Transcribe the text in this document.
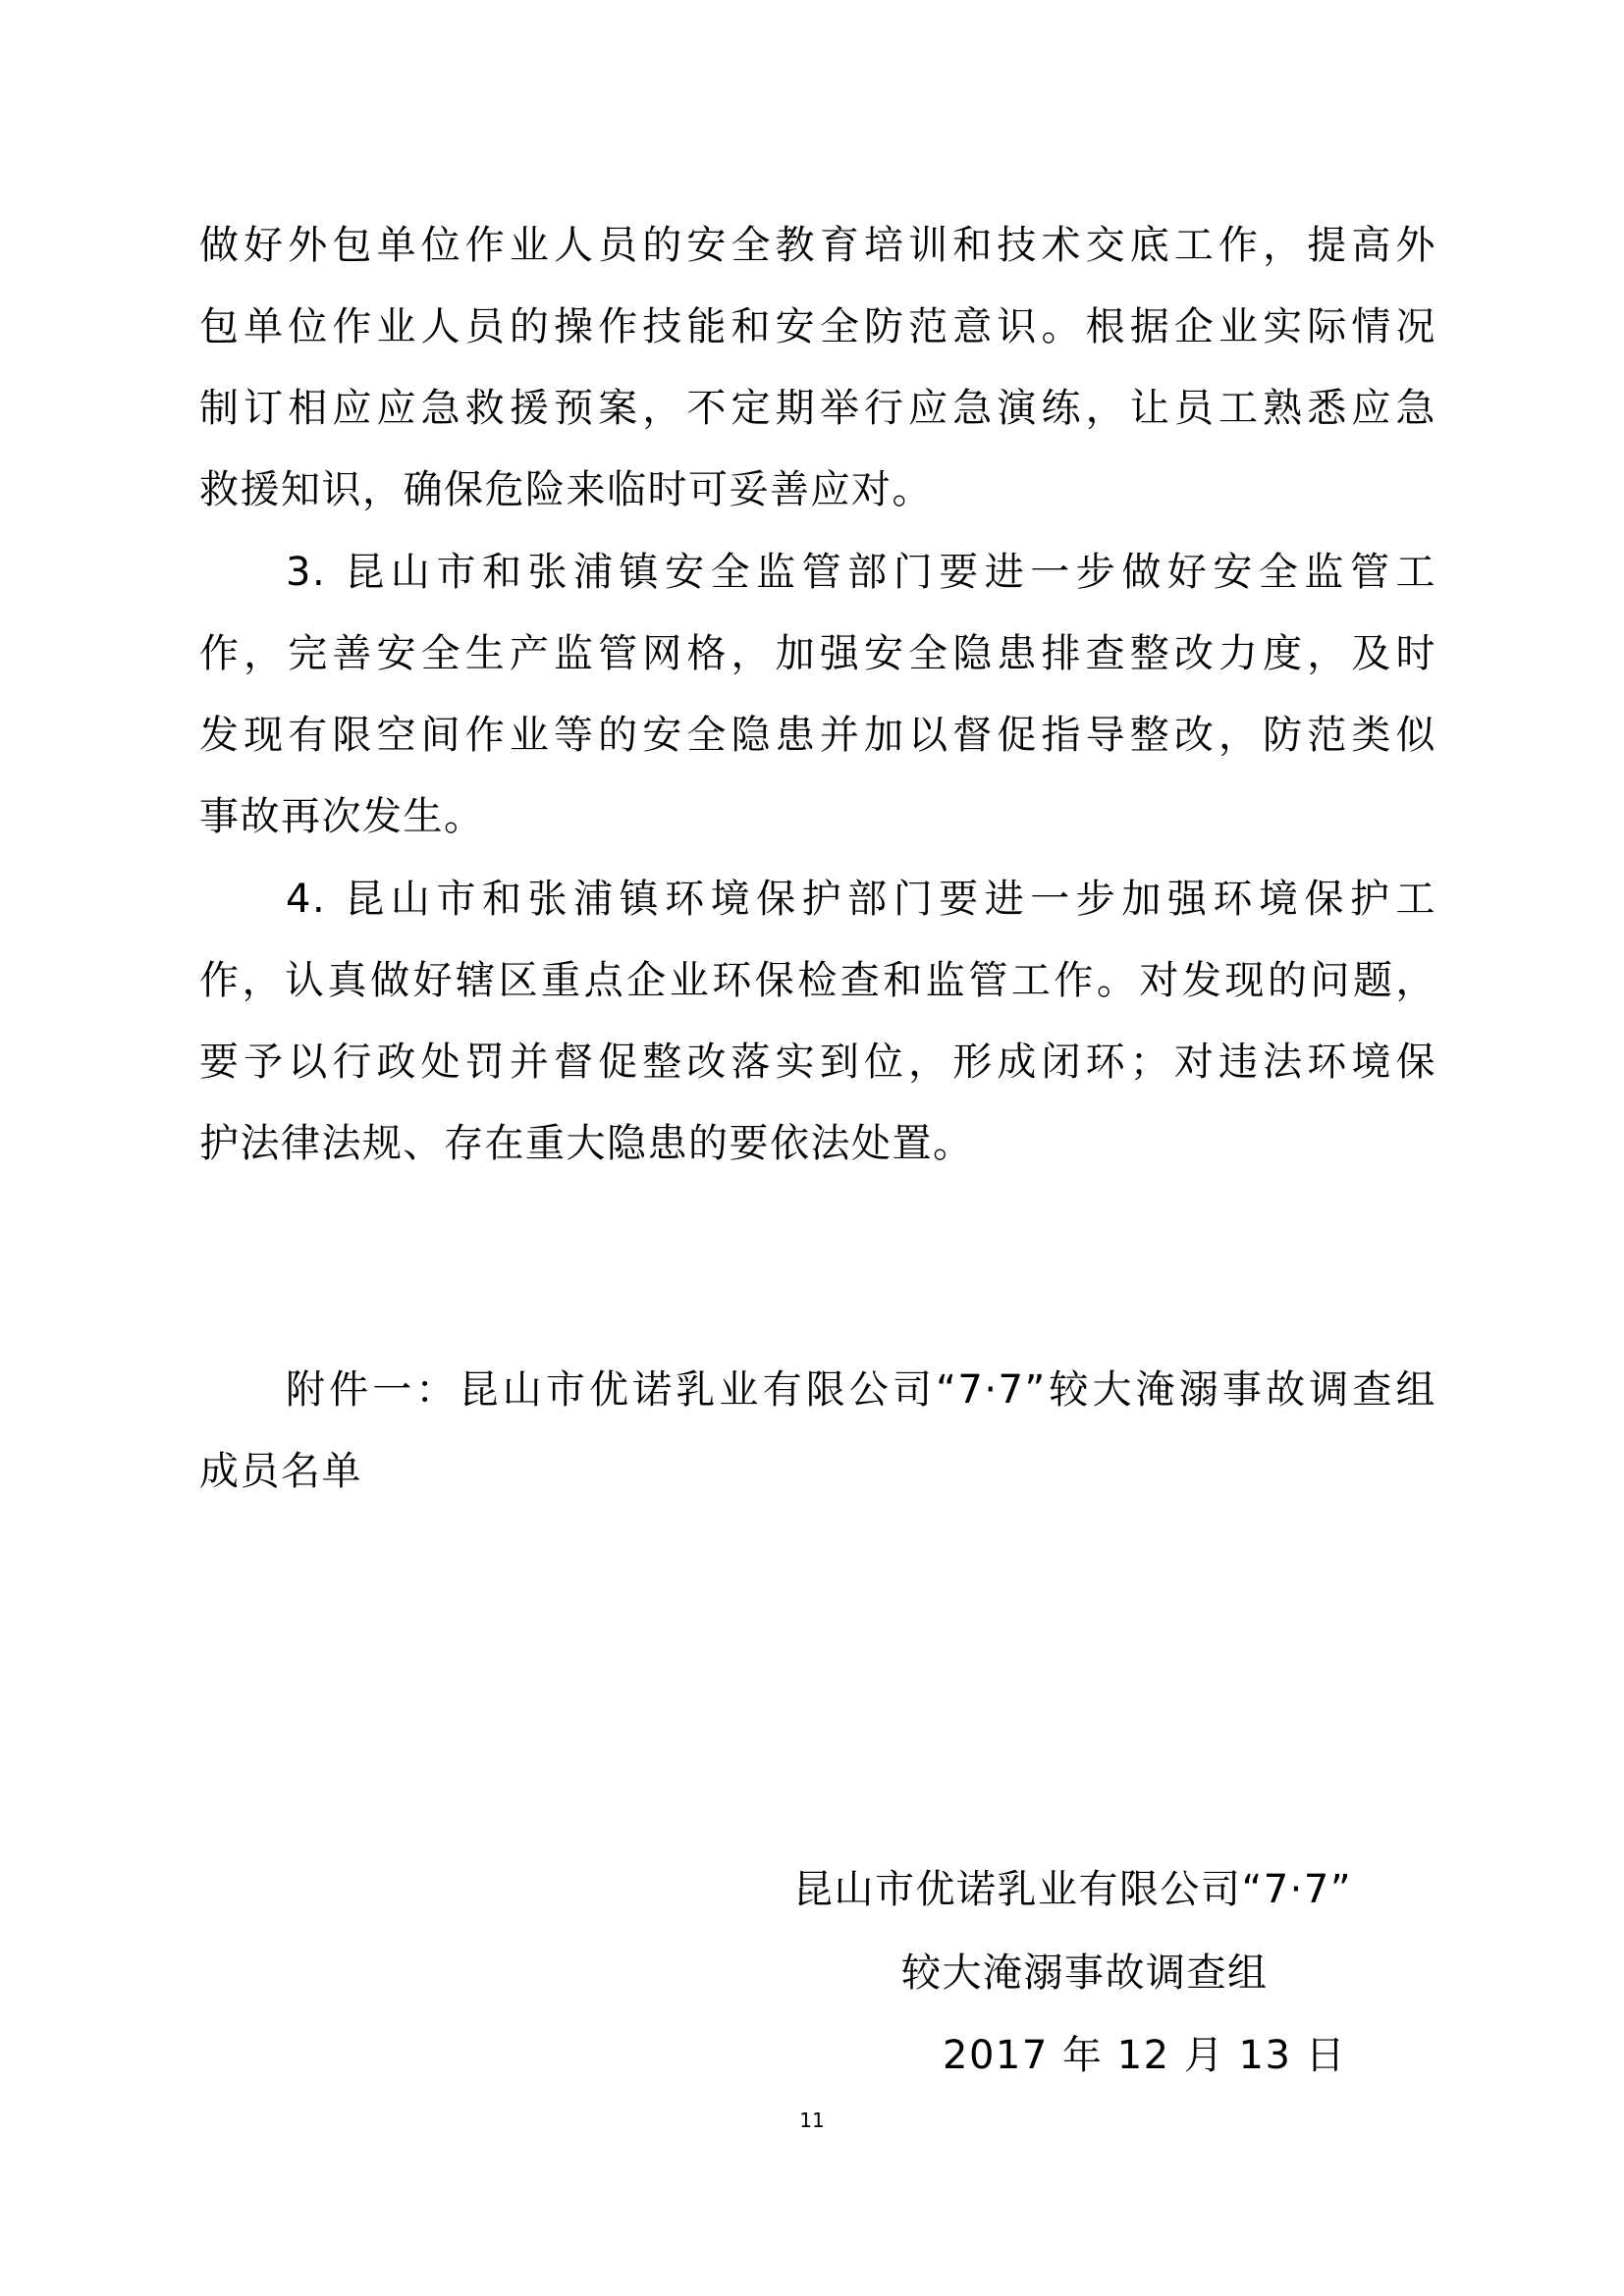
做好外包单位作业人员的安全教育培训和技术交底工作，提高外
包单位作业人员的操作技能和安全防范意识。根据企业实际情况
制订相应应急救援预案，不定期举行应急演练，让员工熟悉应急
救援知识，确保危险来临时可妥善应对。
3. 昆山市和张浦镇安全监管部门要进一步做好安全监管工
作，完善安全生产监管网格，加强安全隐患排查整改力度，及时
发现有限空间作业等的安全隐患并加以督促指导整改，防范类似
事故再次发生。
4. 昆山市和张浦镇环境保护部门要进一步加强环境保护工
作，认真做好辖区重点企业环保检查和监管工作。对发现的问题，
要予以行政处罚并督促整改落实到位，形成闭环；对违法环境保
护法律法规、存在重大隐患的要依法处置。
附件一：昆山市优诺乳业有限公司“7·7”较大淹溺事故调查组
成员名单
昆山市优诺乳业有限公司“7·7”
较大淹溺事故调查组
2017 年 12 月 13 日
11
